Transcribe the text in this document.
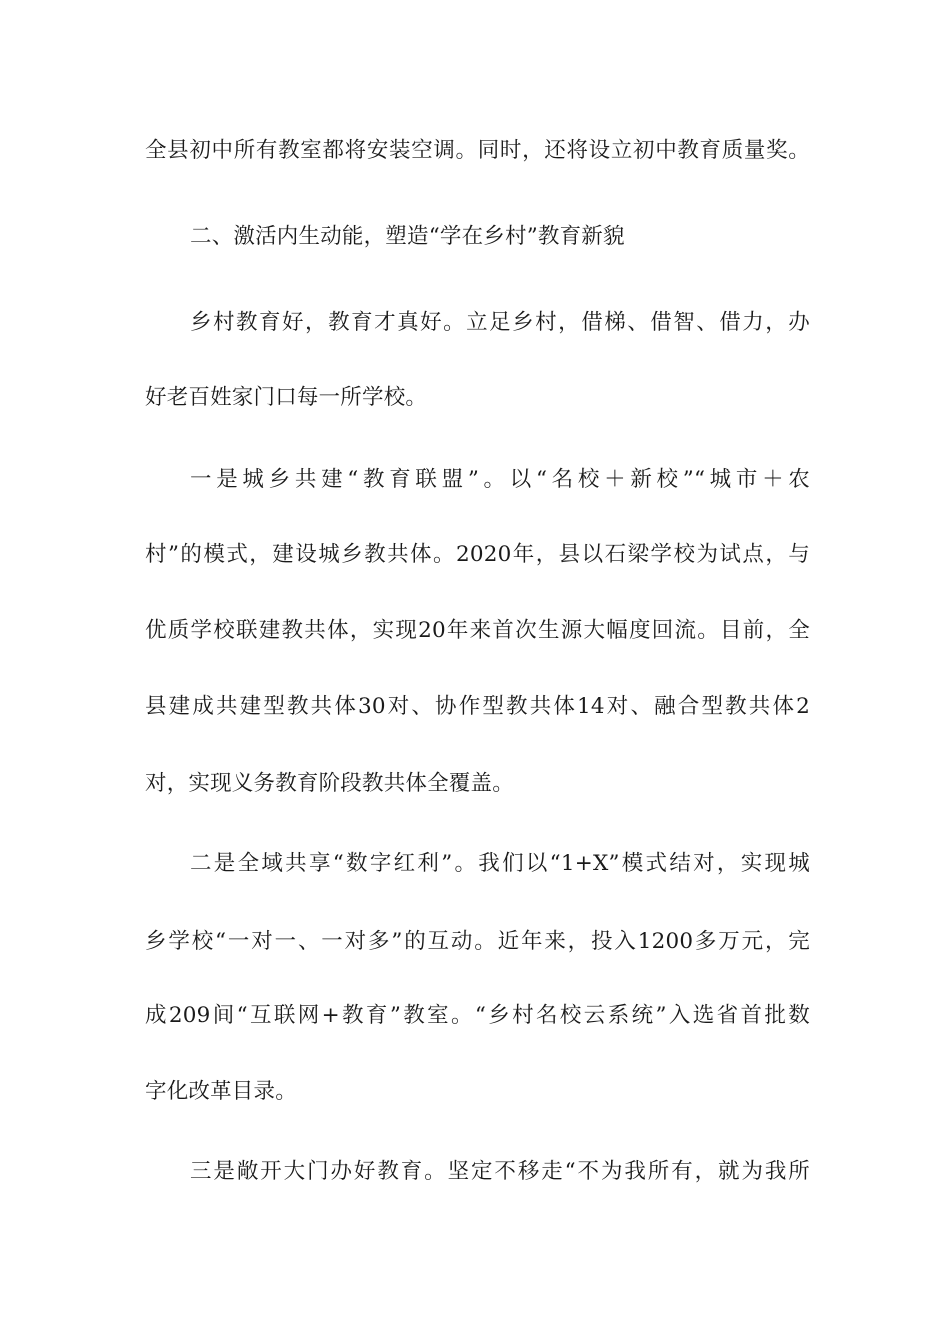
全县初中所有教室都将安装空调。同时，还将设立初中教育质量奖。
二、激活内生动能，塑造“学在乡村”教育新貌
乡村教育好，教育才真好。立足乡村，借梯、借智、借力，办
好老百姓家门口每一所学校。
一是城乡共建“教育联盟”。以“名校＋新校”“城市＋农
村”的模式，建设城乡教共体。2020年，县以石梁学校为试点，与
优质学校联建教共体，实现20年来首次生源大幅度回流。目前，全
县建成共建型教共体30对、协作型教共体14对、融合型教共体2
对，实现义务教育阶段教共体全覆盖。
二是全域共享“数字红利”。我们以“1+X”模式结对，实现城
乡学校“一对一、一对多”的互动。近年来，投入1200多万元，完
成209间“互联网+教育”教室。“乡村名校云系统”入选省首批数
字化改革目录。
三是敞开大门办好教育。坚定不移走“不为我所有，就为我所
